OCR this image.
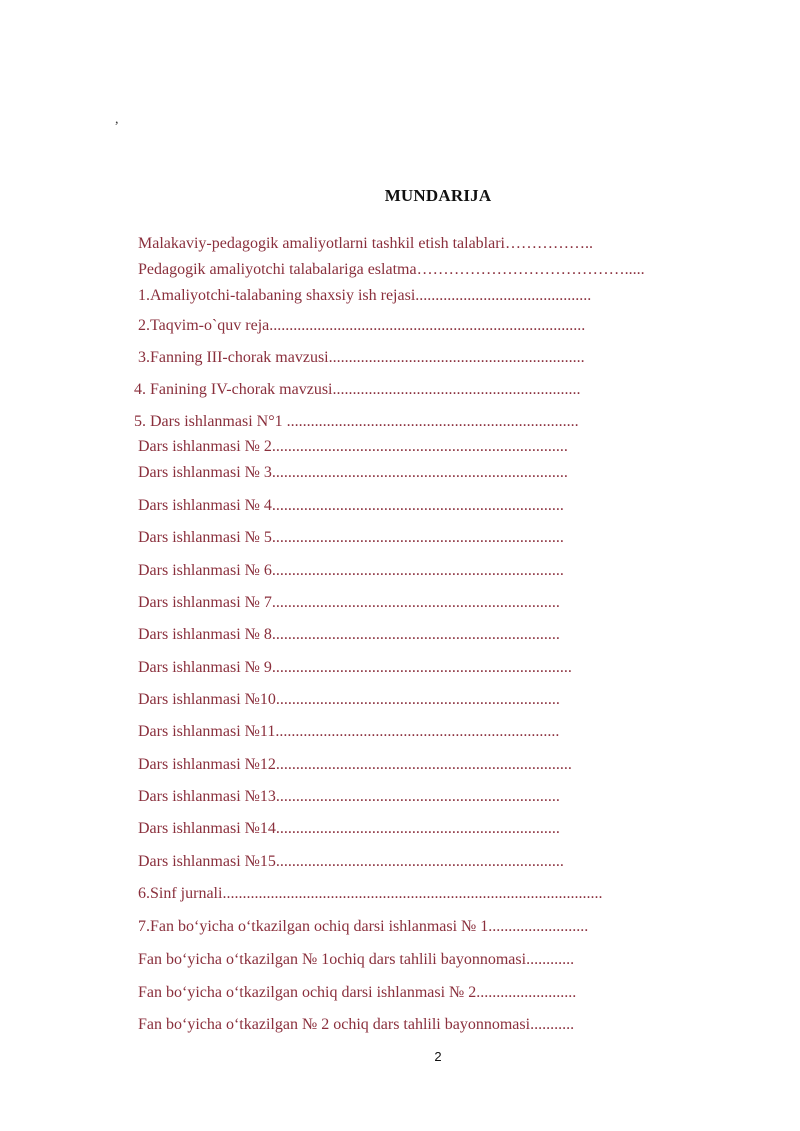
,
MUNDARIJA
Malakaviy-pedagogik amaliyotlarni tashkil etish talablari……………..
Pedagogik amaliyotchi talabalariga eslatma………………………………….....
1.Amaliyotchi-talabaning shaxsiy ish rejasi............................................
2.Taqvim-o`quv reja...............................................................................
3.Fanning III-chorak mavzusi................................................................
4. Fanining IV-chorak mavzusi..............................................................
5. Dars ishlanmasi N°1 .........................................................................
Dars ishlanmasi № 2..........................................................................
Dars ishlanmasi № 3..........................................................................
Dars ishlanmasi № 4.........................................................................
Dars ishlanmasi № 5.........................................................................
Dars ishlanmasi № 6.........................................................................
Dars ishlanmasi № 7........................................................................
Dars ishlanmasi № 8........................................................................
Dars ishlanmasi № 9...........................................................................
Dars ishlanmasi №10.......................................................................
Dars ishlanmasi №11.......................................................................
Dars ishlanmasi №12..........................................................................
Dars ishlanmasi №13.......................................................................
Dars ishlanmasi №14.......................................................................
Dars ishlanmasi №15........................................................................
6.Sinf jurnali...............................................................................................
7.Fan bo‘yicha o‘tkazilgan ochiq darsi ishlanmasi № 1.........................
Fan bo‘yicha o‘tkazilgan № 1ochiq dars tahlili bayonnomasi............
Fan bo‘yicha o‘tkazilgan ochiq darsi ishlanmasi № 2.........................
Fan bo‘yicha o‘tkazilgan № 2 ochiq dars tahlili bayonnomasi...........
2
